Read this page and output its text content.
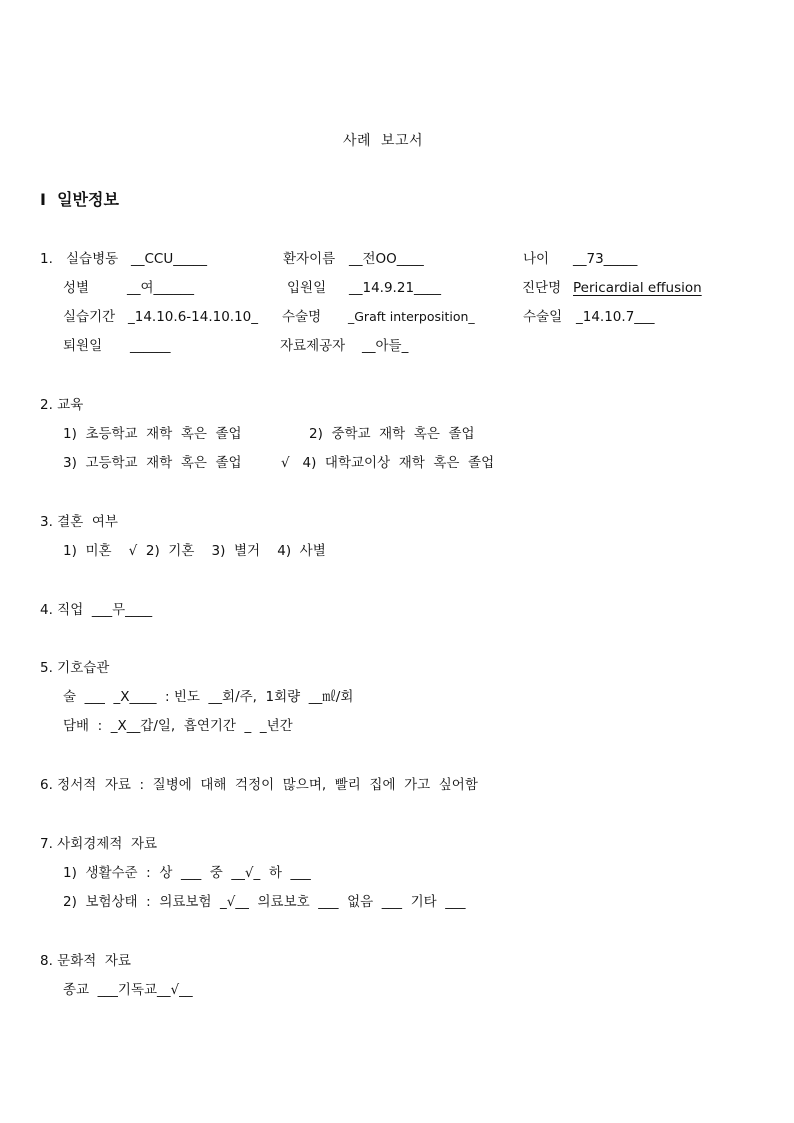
사례  보고서
Ⅰ  일반정보
1. 실습병동 __CCU_____	환자이름 __전OO____	나이 __73_____
성별	__여______	입원일 __14.9.21____	진단명 Pericardial effusion
실습기간 _14.10.6-14.10.10_ 수술명 _Graft interposition_	수술일 _14.10.7___
퇴원일 ______	자료제공자 __아들_
2. 교육
1)  초등학교  재학  혹은  졸업	2)  중학교  재학  혹은  졸업
3)  고등학교  재학  혹은  졸업	√   4)  대학교이상  재학  혹은  졸업
3. 결혼  여부
1)  미혼    √  2)  기혼    3)  별거    4)  사별
4. 직업  ___무____
5. 기호습관
술  ___  _X____  : 빈도  __회/주,  1회량  __㎖/회
담배  :  _X__갑/일,  흡연기간  _  _년간
6. 정서적  자료  :  질병에  대해  걱정이  많으며,  빨리  집에  가고  싶어함
7. 사회경제적  자료
1)  생활수준  :  상  ___  중  __√_  하  ___
2)  보험상태  :  의료보험  _√__  의료보호  ___  없음  ___  기타  ___
8. 문화적  자료
종교  ___기독교__√__
